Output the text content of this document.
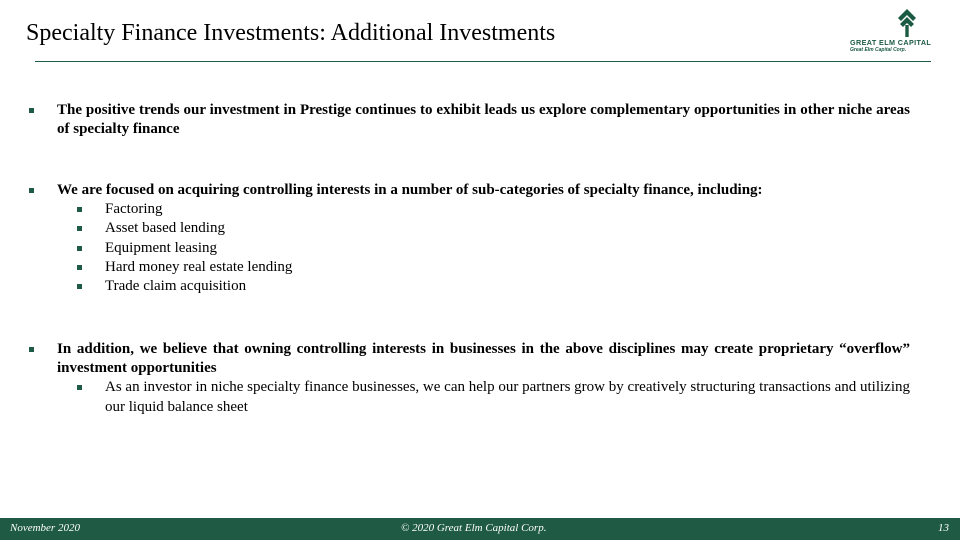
Specialty Finance Investments: Additional Investments	GREAT ELM CAPITAL
Great Elm Capital Corp.
The positive trends our investment in Prestige continues to exhibit leads us explore complementary opportunities in other niche areas of specialty finance
We are focused on acquiring controlling interests in a number of sub-categories of specialty finance, including:
Factoring
Asset based lending
Equipment leasing
Hard money real estate lending
Trade claim acquisition
In addition, we believe that owning controlling interests in businesses in the above disciplines may create proprietary “overflow” investment opportunities
As an investor in niche specialty finance businesses, we can help our partners grow by creatively structuring transactions and utilizing our liquid balance sheet
November 2020	© 2020 Great Elm Capital Corp.	13
